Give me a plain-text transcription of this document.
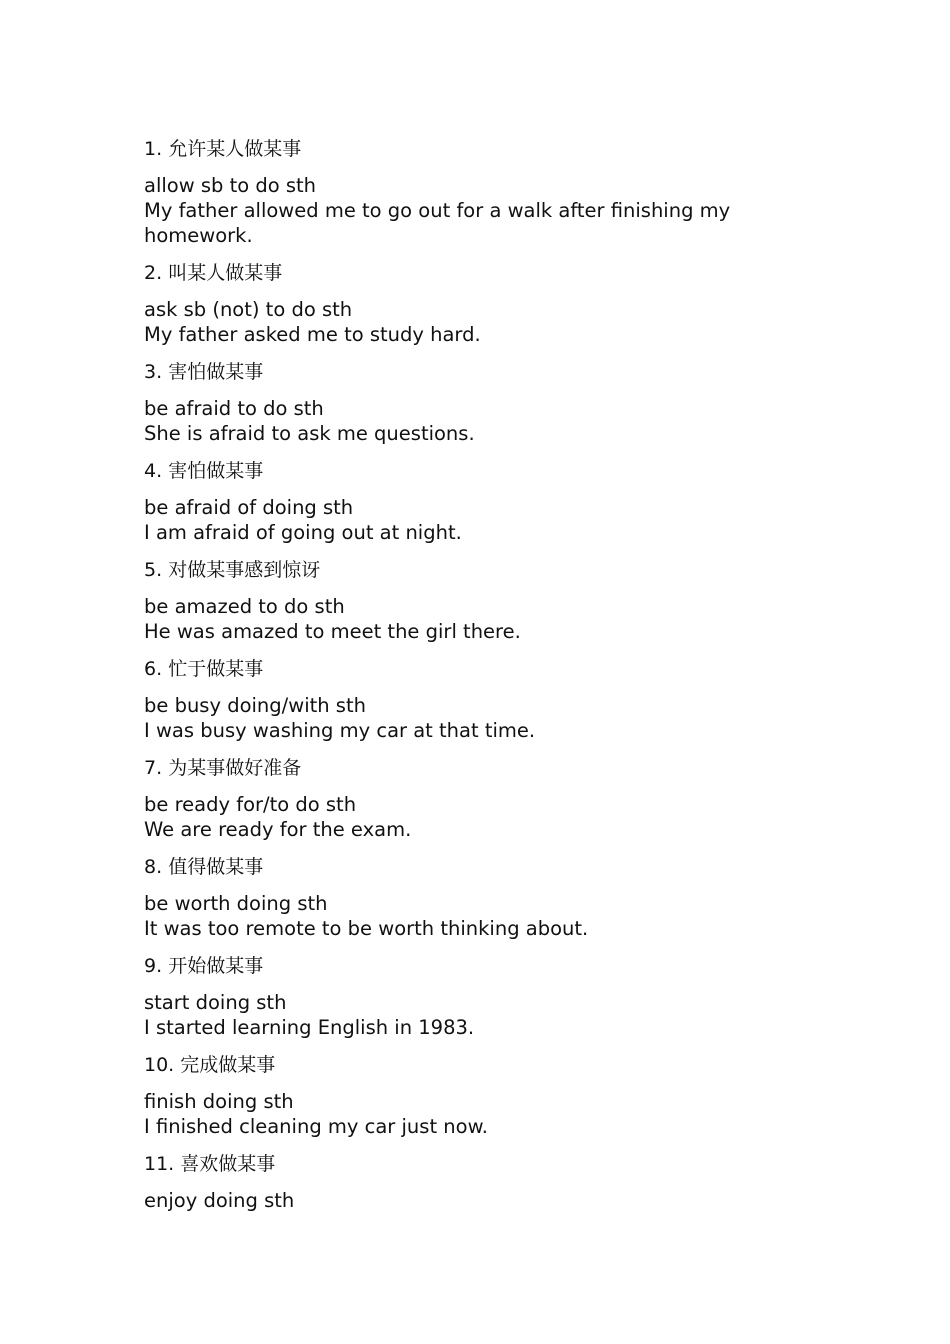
1. 允许某人做某事
allow sb to do sth
My father allowed me to go out for a walk after finishing my homework.
2. 叫某人做某事
ask sb (not) to do sth
My father asked me to study hard.
3. 害怕做某事
be afraid to do sth
She is afraid to ask me questions.
4. 害怕做某事
be afraid of doing sth
I am afraid of going out at night.
5. 对做某事感到惊讶
be amazed to do sth
He was amazed to meet the girl there.
6. 忙于做某事
be busy doing/with sth
I was busy washing my car at that time.
7. 为某事做好准备
be ready for/to do sth
We are ready for the exam.
8. 值得做某事
be worth doing sth
It was too remote to be worth thinking about.
9. 开始做某事
start doing sth
I started learning English in 1983.
10. 完成做某事
finish doing sth
I finished cleaning my car just now.
11. 喜欢做某事
enjoy doing sth
